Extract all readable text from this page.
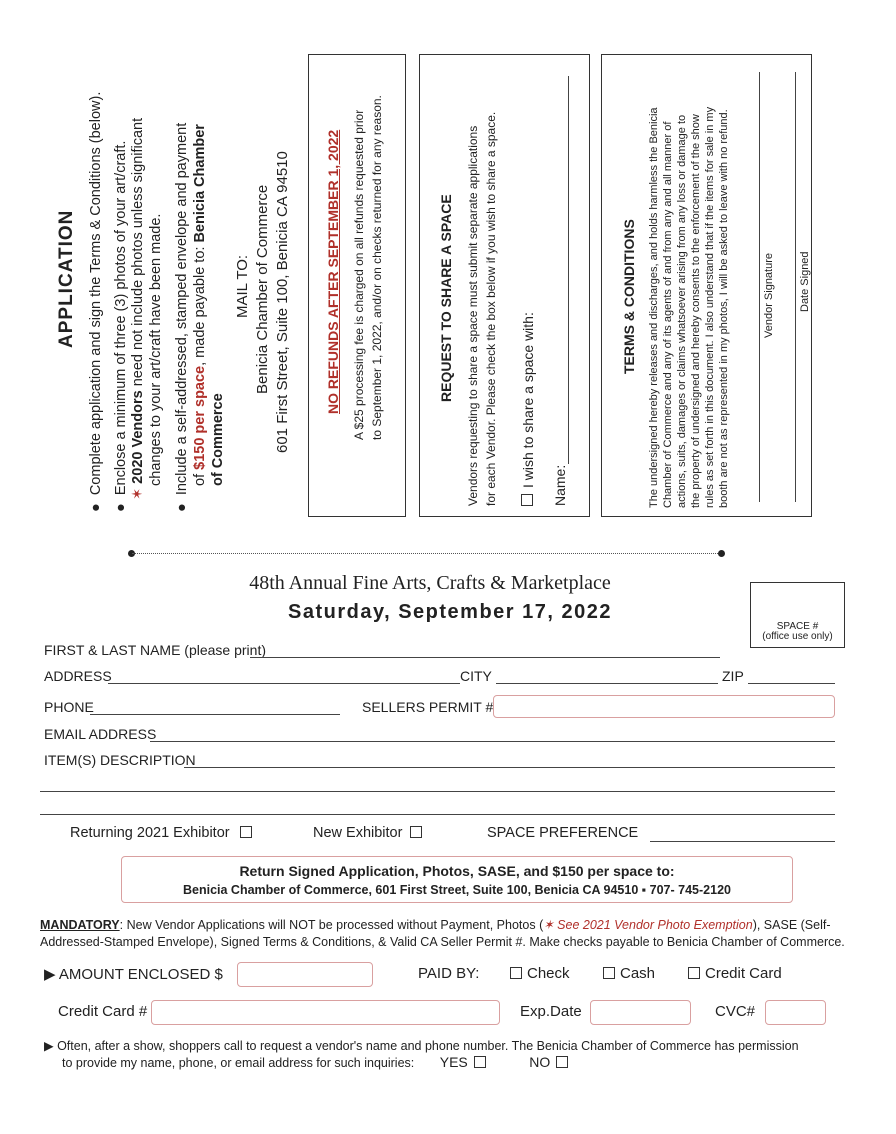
APPLICATION
●  Complete application and sign the Terms & Conditions (below).
●  Enclose a minimum of three (3) photos of your art/craft. ✶ 2020 Vendors need not include photos unless significant changes to your art/craft have been made.
●  Include a self-addressed, stamped envelope and payment of $150 per space, made payable to: Benicia Chamber
of Commerce
MAIL TO: Benicia Chamber of Commerce 601 First Street, Suite 100, Benicia CA 94510 NO REFUNDS AFTER SEPTEMBER 1, 2022 A $25 processing fee is charged on all refunds requested prior to September 1, 2022, and/or on checks returned for any reason.	REQUEST TO SHARE A SPACE Vendors requesting to share a space must submit separate applications for each Vendor. Please check the box below if you wish to share a space. I wish to share a space with: Name:
TERMS & CONDITIONS The undersigned hereby releases and discharges, and holds harmless the Benicia Chamber of Commerce and any of its agents of and from any and all manner of actions, suits, damages or claims whatsoever arising from any loss or damage to the property of undersigned and hereby consents to the enforcement of the show rules as set forth in this document. I also understand that if the items for sale in my booth are not as represented in my photos, I will be asked to leave with no refund.	Vendor Signature Date Signed
48th Annual Fine Arts, Crafts & Marketplace
Saturday, September 17, 2022
SPACE #
(office use only)
FIRST & LAST NAME (please print)
ADDRESS	CITY	ZIP
PHONE	SELLERS PERMIT #
EMAIL ADDRESS
ITEM(S) DESCRIPTION
Returning 2021 Exhibitor	New Exhibitor	SPACE PREFERENCE
Return Signed Application, Photos, SASE, and $150 per space to:
Benicia Chamber of Commerce, 601 First Street, Suite 100, Benicia CA 94510 ▪ 707- 745-2120
MANDATORY: New Vendor Applications will NOT be processed without Payment, Photos (✶ See 2021 Vendor Photo Exemption), SASE (Self-
Addressed-Stamped Envelope), Signed Terms & Conditions, & Valid CA Seller Permit #. Make checks payable to Benicia Chamber of Commerce.
▶ AMOUNT ENCLOSED $	PAID BY:	Check	Cash	Credit Card
Credit Card #	Exp.Date	CVC#
▶ Often, after a show, shoppers call to request a vendor's name and phone number. The Benicia Chamber of Commerce has permission
to provide my name, phone, or email address for such inquiries: YES	NO
